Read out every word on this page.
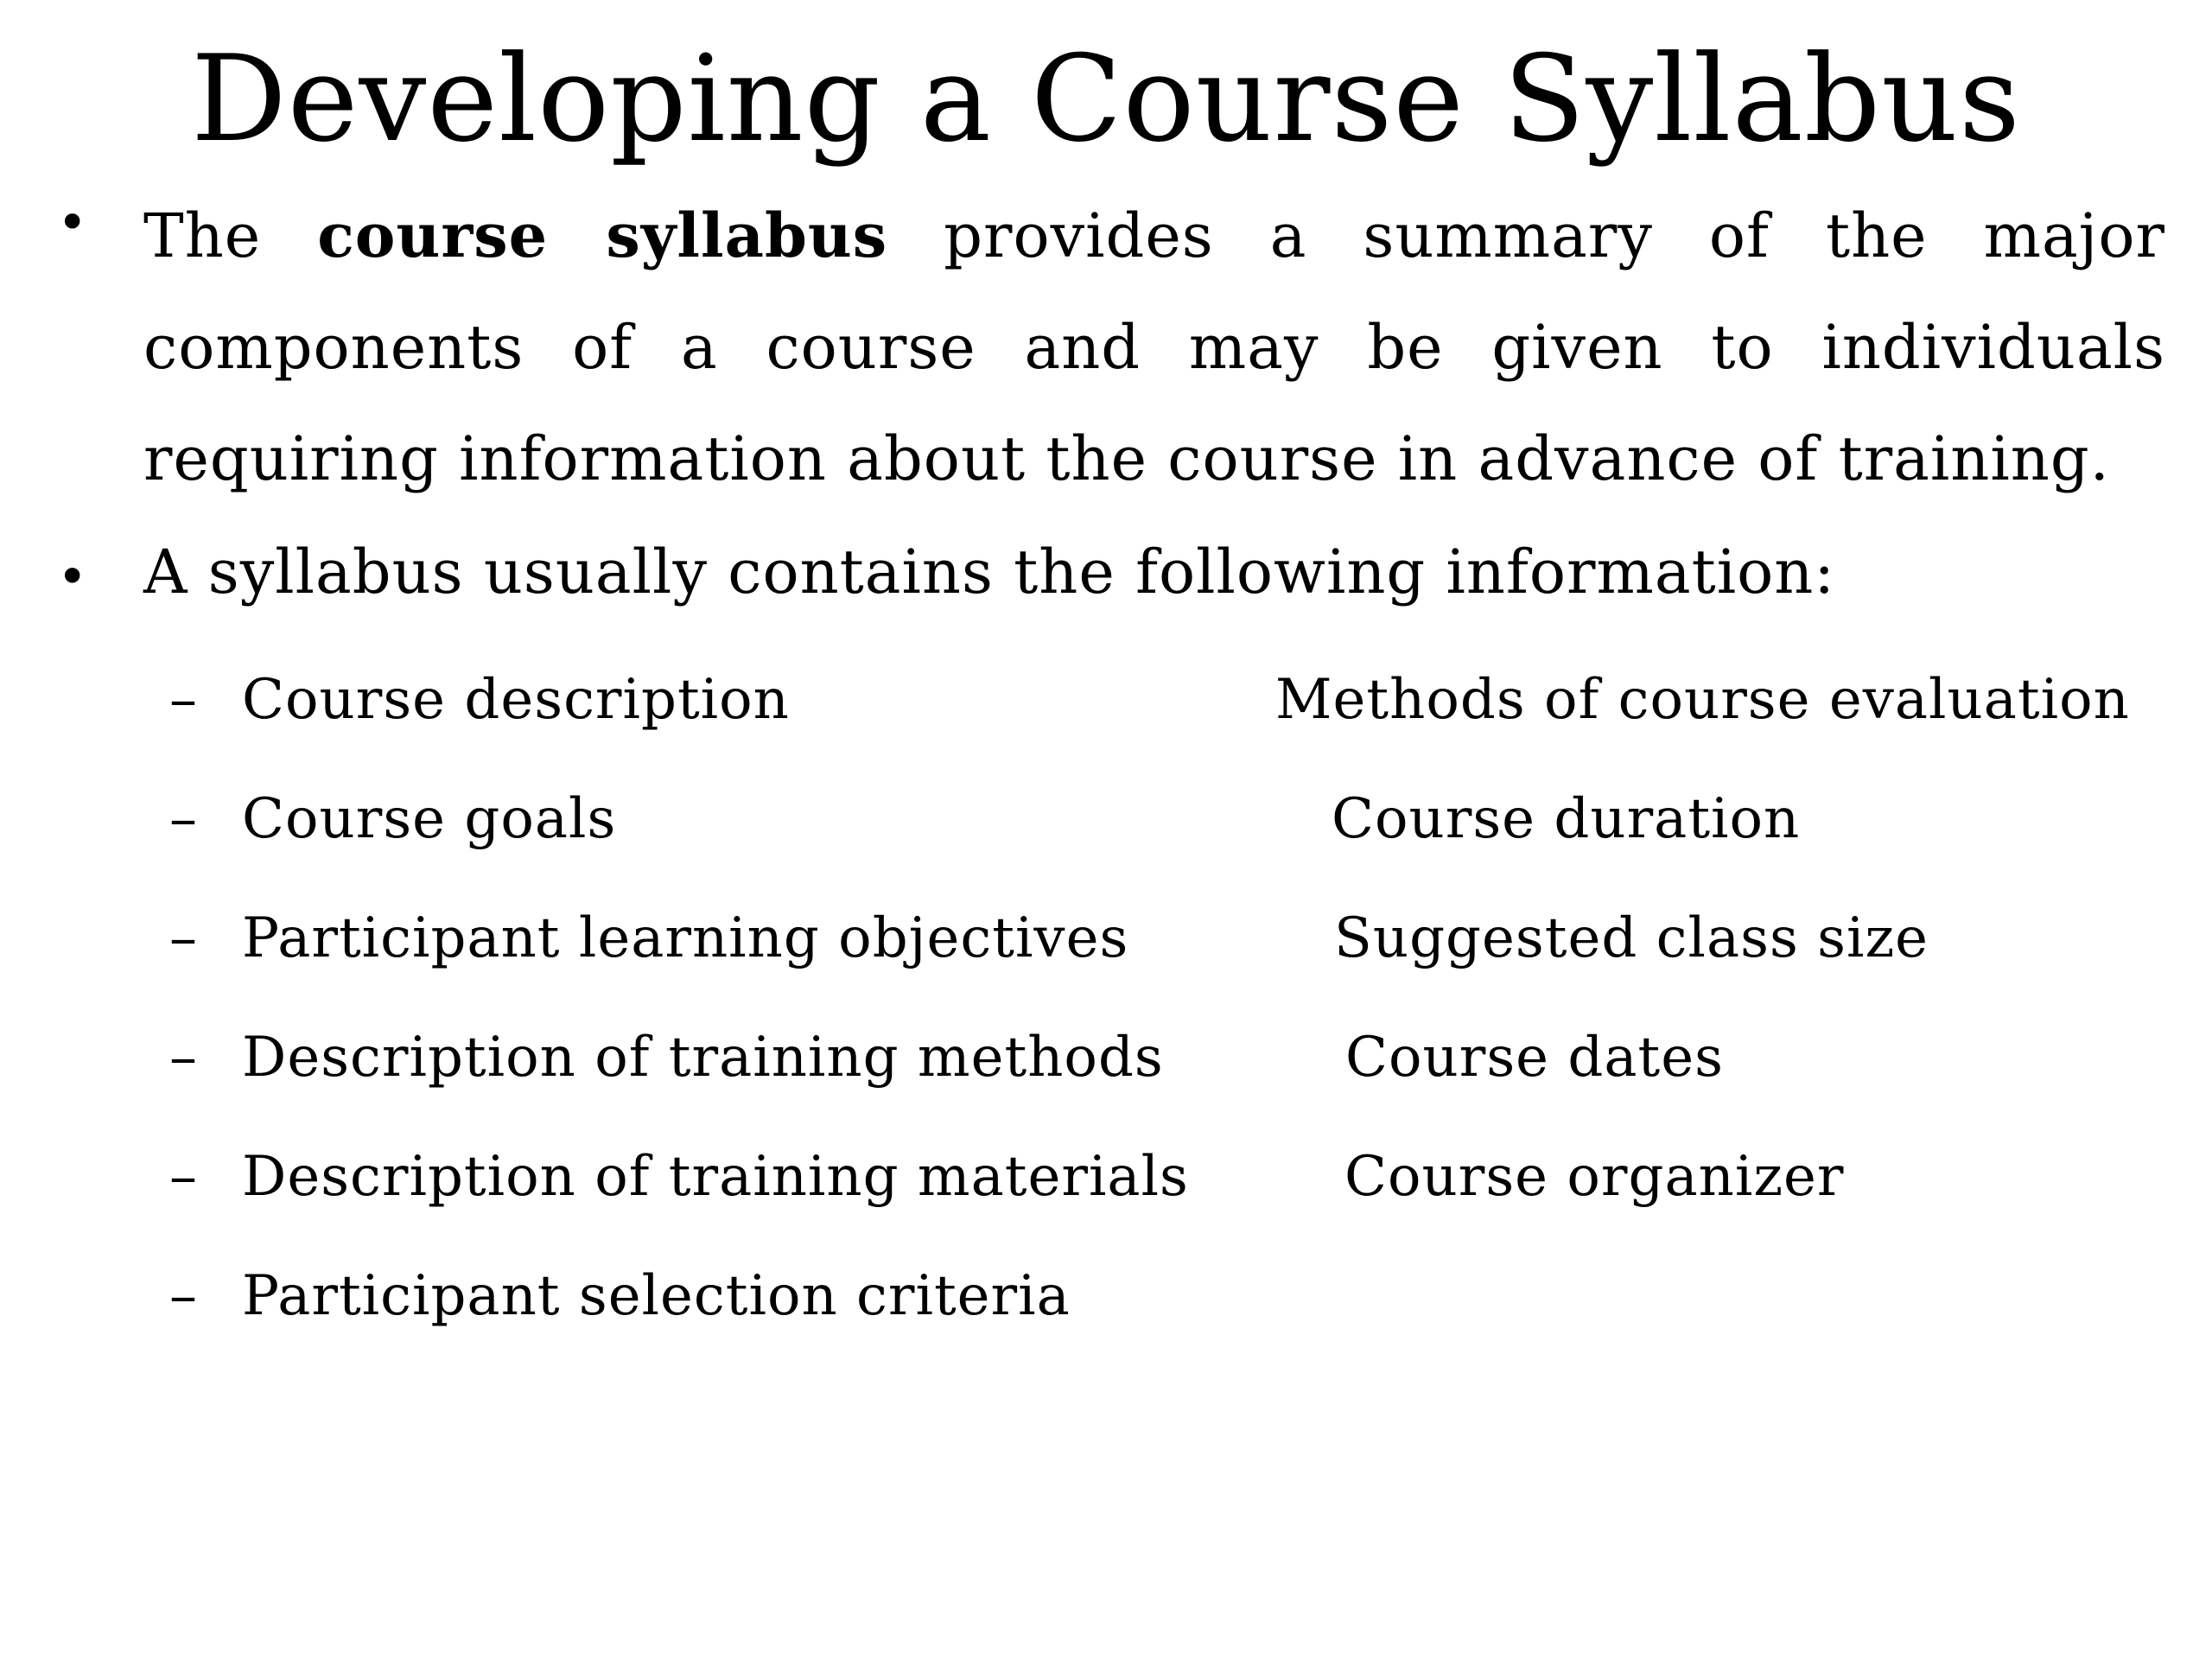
Developing a Course Syllabus
• The course syllabus provides a summary of the major components of a course and may be given to individuals requiring information about the course in advance of training.

• A syllabus usually contains the following information:

– Course description
– Course goals
– Participant learning objectives
– Description of training methods
– Description of training materials
– Participant selection criteria
Methods of course evaluation
Course duration
Suggested class size
Course dates
Course organizer
